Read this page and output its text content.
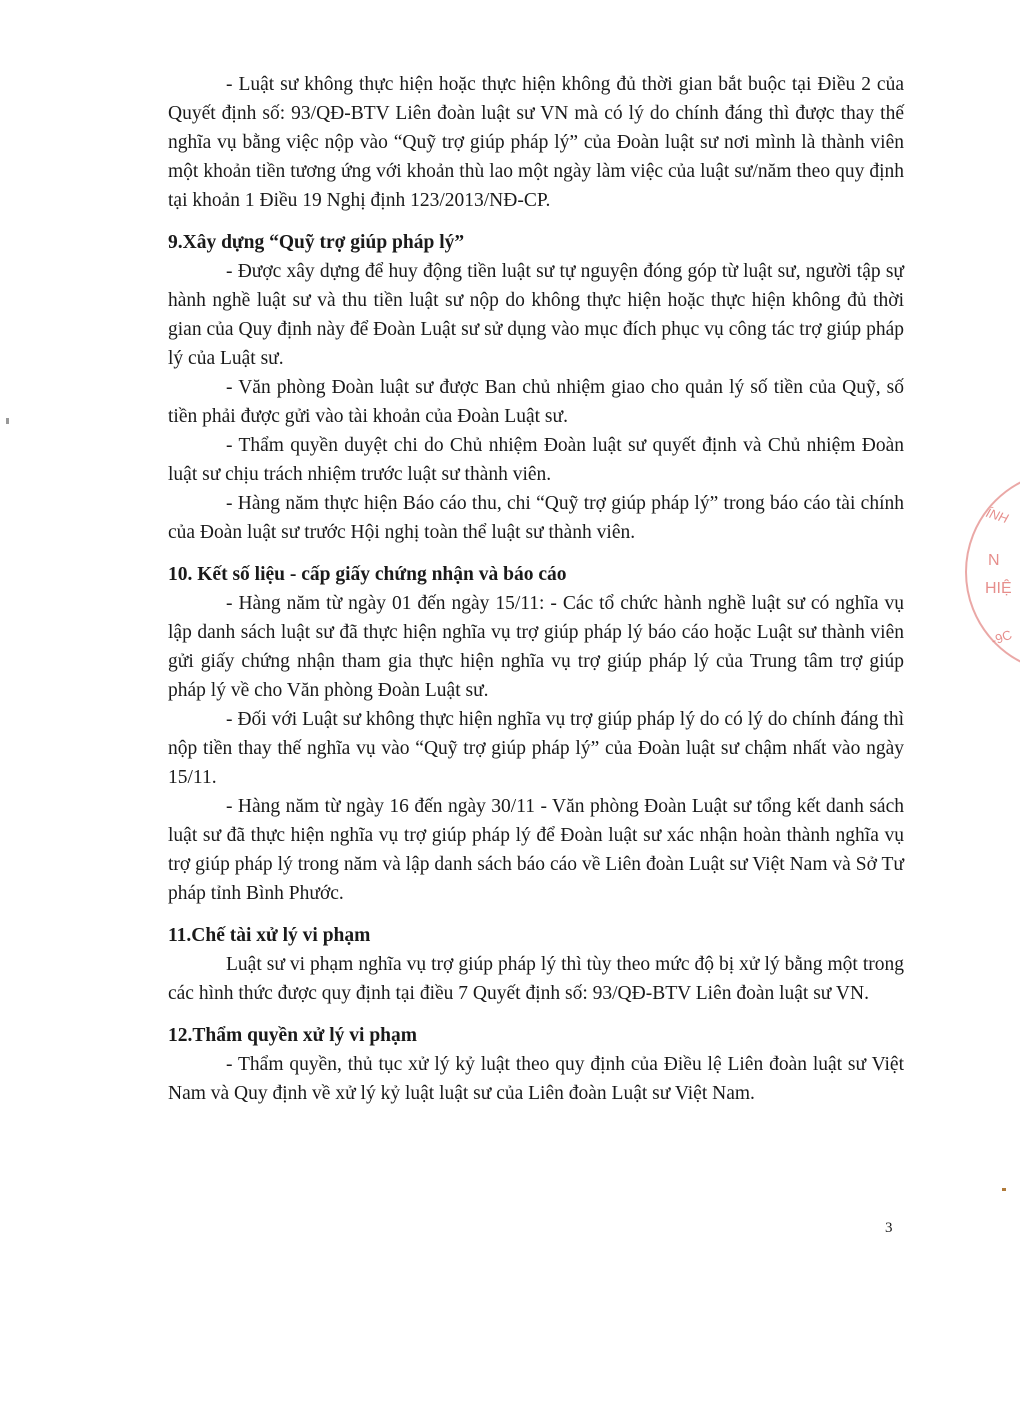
- Luật sư không thực hiện hoặc thực hiện không đủ thời gian bắt buộc tại Điều 2 của Quyết định số: 93/QĐ-BTV Liên đoàn luật sư VN mà có lý do chính đáng thì được thay thế nghĩa vụ bằng việc nộp vào “Quỹ trợ giúp pháp lý” của Đoàn luật sư nơi mình là thành viên một khoản tiền tương ứng với khoản thù lao một ngày làm việc của luật sư/năm theo quy định tại khoản 1 Điều 19 Nghị định 123/2013/NĐ-CP.

9.Xây dựng “Quỹ trợ giúp pháp lý”

- Được xây dựng để huy động tiền luật sư tự nguyện đóng góp từ luật sư, người tập sự hành nghề luật sư và thu tiền luật sư nộp do không thực hiện hoặc thực hiện không đủ thời gian của Quy định này để Đoàn Luật sư sử dụng vào mục đích phục vụ công tác trợ giúp pháp lý của Luật sư.

- Văn phòng Đoàn luật sư được Ban chủ nhiệm giao cho quản lý số tiền của Quỹ, số tiền phải được gửi vào tài khoản của Đoàn Luật sư.

- Thẩm quyền duyệt chi do Chủ nhiệm Đoàn luật sư quyết định và Chủ nhiệm Đoàn luật sư chịu trách nhiệm trước luật sư thành viên.

- Hàng năm thực hiện Báo cáo thu, chi “Quỹ trợ giúp pháp lý” trong báo cáo tài chính của Đoàn luật sư trước Hội nghị toàn thể luật sư thành viên.

10. Kết số liệu - cấp giấy chứng nhận và báo cáo

- Hàng năm từ ngày 01 đến ngày 15/11: - Các tổ chức hành nghề luật sư có nghĩa vụ lập danh sách luật sư đã thực hiện nghĩa vụ trợ giúp pháp lý báo cáo hoặc Luật sư thành viên gửi giấy chứng nhận tham gia thực hiện nghĩa vụ trợ giúp pháp lý của Trung tâm trợ giúp pháp lý về cho Văn phòng Đoàn Luật sư.

- Đối với Luật sư không thực hiện nghĩa vụ trợ giúp pháp lý do có lý do chính đáng thì nộp tiền thay thế nghĩa vụ vào “Quỹ trợ giúp pháp lý” của Đoàn luật sư chậm nhất vào ngày 15/11.

- Hàng năm từ ngày 16 đến ngày 30/11 - Văn phòng Đoàn Luật sư tổng kết danh sách luật sư đã thực hiện nghĩa vụ trợ giúp pháp lý để Đoàn luật sư xác nhận hoàn thành nghĩa vụ trợ giúp pháp lý trong năm và lập danh sách báo cáo về Liên đoàn Luật sư Việt Nam và Sở Tư pháp tỉnh Bình Phước.

11.Chế tài xử lý vi phạm

Luật sư vi phạm nghĩa vụ trợ giúp pháp lý thì tùy theo mức độ bị xử lý bằng một trong các hình thức được quy định tại điều 7 Quyết định số: 93/QĐ-BTV Liên đoàn luật sư VN.

12.Thẩm quyền xử lý vi phạm

- Thẩm quyền, thủ tục xử lý kỷ luật theo quy định của Điều lệ Liên đoàn luật sư Việt Nam và Quy định về xử lý kỷ luật luật sư của Liên đoàn Luật sư Việt Nam.

3
ÍNH
N
HIỆ
-9C
